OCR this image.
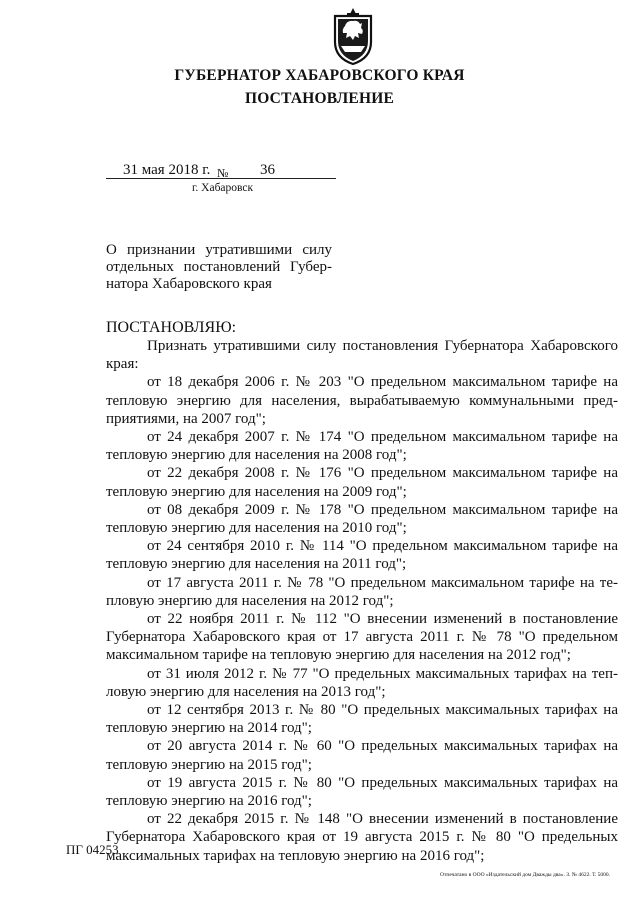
ГУБЕРНАТОР ХАБАРОВСКОГО КРАЯ
ПОСТАНОВЛЕНИЕ
31 мая 2018 г. № 36
г. Хабаровск
О признании утратившими силу
отдельных постановлений Губер-
натора Хабаровского края
ПОСТАНОВЛЯЮ:
Признать утратившими силу постановления Губернатора Хабаровского
края:
от 18 декабря 2006 г. № 203 "О предельном максимальном тарифе на
тепловую энергию для населения, вырабатываемую коммунальными пред-
приятиями, на 2007 год";
от 24 декабря 2007 г. № 174 "О предельном максимальном тарифе на
тепловую энергию для населения на 2008 год";
от 22 декабря 2008 г. № 176 "О предельном максимальном тарифе на
тепловую энергию для населения на 2009 год";
от 08 декабря 2009 г. № 178 "О предельном максимальном тарифе на
тепловую энергию для населения на 2010 год";
от 24 сентября 2010 г. № 114 "О предельном максимальном тарифе на
тепловую энергию для населения на 2011 год";
от 17 августа 2011 г. № 78 "О предельном максимальном тарифе на те-
пловую энергию для населения на 2012 год";
от 22 ноября 2011 г. № 112 "О внесении изменений в постановление
Губернатора Хабаровского края от 17 августа 2011 г. № 78 "О предельном
максимальном тарифе на тепловую энергию для населения на 2012 год";
от 31 июля 2012 г. № 77 "О предельных максимальных тарифах на теп-
ловую энергию для населения на 2013 год";
от 12 сентября 2013 г. № 80 "О предельных максимальных тарифах на
тепловую энергию на 2014 год";
от 20 августа 2014 г. № 60 "О предельных максимальных тарифах на
тепловую энергию на 2015 год";
от 19 августа 2015 г. № 80 "О предельных максимальных тарифах на
тепловую энергию на 2016 год";
от 22 декабря 2015 г. № 148 "О внесении изменений в постановление
Губернатора Хабаровского края от 19 августа 2015 г. № 80 "О предельных
максимальных тарифах на тепловую энергию на 2016 год";
ПГ 04253
Отпечатано в ООО «Издательский дом Дважды два». З. № 4622. Т. 5000.
